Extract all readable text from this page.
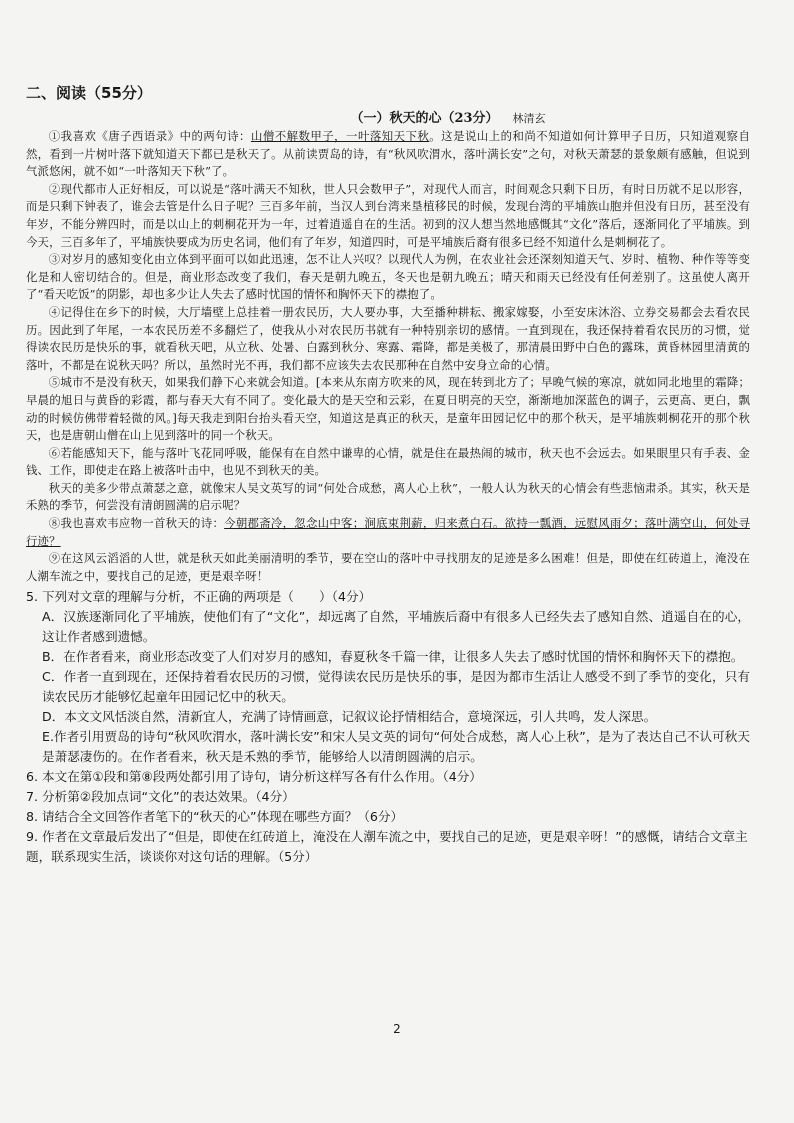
二、阅读（55分）
（一）秋天的心（23分） 林清玄

①我喜欢《唐子西语录》中的两句诗：山僧不解数甲子，一叶落知天下秋。这是说山上的和尚不知道如何计算甲子日历，只知道观察自然，看到一片树叶落下就知道天下都已是秋天了。从前读贾岛的诗，有“秋风吹渭水，落叶满长安”之句，对秋天萧瑟的景象颇有感触，但说到气派悠闲，就不如“一叶落知天下秋”了。

②现代都市人正好相反，可以说是“落叶满天不知秋，世人只会数甲子”，对现代人而言，时间观念只剩下日历，有时日历就不足以形容，而是只剩下钟表了，谁会去管是什么日子呢？三百多年前，当汉人到台湾来垦植移民的时候，发现台湾的平埔族山胞并但没有日历，甚至没有年岁，不能分辨四时，而是以山上的刺桐花开为一年，过着逍遥自在的生活。初到的汉人想当然地感慨其“文化”落后，逐渐同化了平埔族。到今天，三百多年了，平埔族快要成为历史名词，他们有了年岁，知道四时，可是平埔族后裔有很多已经不知道什么是刺桐花了。

③对岁月的感知变化由立体到平面可以如此迅速，怎不让人兴叹？以现代人为例，在农业社会还深刻知道天气、岁时、植物、种作等等变化是和人密切结合的。但是，商业形态改变了我们，春天是朝九晚五，冬天也是朝九晚五；晴天和雨天已经没有任何差别了。这虽使人离开了“看天吃饭”的阴影，却也多少让人失去了感时忧国的情怀和胸怀天下的襟抱了。

④记得住在乡下的时候，大厅墙壁上总挂着一册农民历，大人要办事，大至播种耕耘、搬家嫁娶，小至安床沐浴、立券交易都会去看农民历。因此到了年尾，一本农民历差不多翻烂了，使我从小对农民历书就有一种特别亲切的感情。一直到现在，我还保持着看农民历的习惯，觉得读农民历是快乐的事，就看秋天吧，从立秋、处暑、白露到秋分、寒露、霜降，都是美极了，那清晨田野中白色的露珠，黄昏林园里清黄的落叶，不都是在说秋天吗？所以，虽然时光不再，我们都不应该失去农民那种在自然中安身立命的心情。

⑤城市不是没有秋天，如果我们静下心来就会知道。[本来从东南方吹来的风，现在转到北方了；早晚气候的寒凉，就如同北地里的霜降；早晨的旭日与黄昏的彩霞，都与春天大有不同了。变化最大的是天空和云彩，在夏日明亮的天空，渐渐地加深蓝色的调子，云更高、更白，飘动的时候仿佛带着轻微的风。]每天我走到阳台抬头看天空，知道这是真正的秋天，是童年田园记忆中的那个秋天，是平埔族刺桐花开的那个秋天，也是唐朝山僧在山上见到落叶的同一个秋天。

⑥若能感知天下，能与落叶飞花同呼吸，能保有在自然中谦卑的心情，就是住在最热闹的城市，秋天也不会远去。如果眼里只有手表、金钱、工作，即使走在路上被落叶击中，也见不到秋天的美。

秋天的美多少带点萧瑟之意，就像宋人吴文英写的词“何处合成愁，离人心上秋”，一般人认为秋天的心情会有些悲恼肃杀。其实，秋天是禾熟的季节，何尝没有清朗圆满的启示呢？

⑧我也喜欢韦应物一首秋天的诗：今朝郡斋冷，忽念山中客；涧底束荆薪，归来煮白石。欲持一瓢酒，远慰风雨夕；落叶满空山，何处寻行迹？

⑨在这风云滔滔的人世，就是秋天如此美丽清明的季节，要在空山的落叶中寻找朋友的足迹是多么困难！但是，即使在红砖道上，淹没在人潮车流之中，要找自己的足迹，更是艰辛呀！

5. 下列对文章的理解与分析，不正确的两项是（　　）（4分）

A．汉族逐渐同化了平埔族，使他们有了“文化”，却远离了自然，平埔族后裔中有很多人已经失去了感知自然、逍遥自在的心，这让作者感到遗憾。

B．在作者看来，商业形态改变了人们对岁月的感知，春夏秋冬千篇一律，让很多人失去了感时忧国的情怀和胸怀天下的襟抱。

C．作者一直到现在，还保持着看农民历的习惯，觉得读农民历是快乐的事，是因为都市生活让人感受不到了季节的变化，只有读农民历才能够忆起童年田园记忆中的秋天。

D．本文文风恬淡自然，清新宜人，充满了诗情画意，记叙议论抒情相结合，意境深远，引人共鸣，发人深思。

E.作者引用贾岛的诗句“秋风吹渭水，落叶满长安”和宋人吴文英的词句“何处合成愁，离人心上秋”，是为了表达自己不认可秋天是萧瑟凄伤的。在作者看来，秋天是禾熟的季节，能够给人以清朗圆满的启示。

6. 本文在第①段和第⑧段两处都引用了诗句，请分析这样写各有什么作用。（4分）

7. 分析第②段加点词“文化”的表达效果。（4分）

8. 请结合全文回答作者笔下的“秋天的心”体现在哪些方面？（6分）

9. 作者在文章最后发出了“但是，即使在红砖道上，淹没在人潮车流之中，要找自己的足迹，更是艰辛呀！”的感慨，请结合文章主题，联系现实生活，谈谈你对这句话的理解。（5分）

2
